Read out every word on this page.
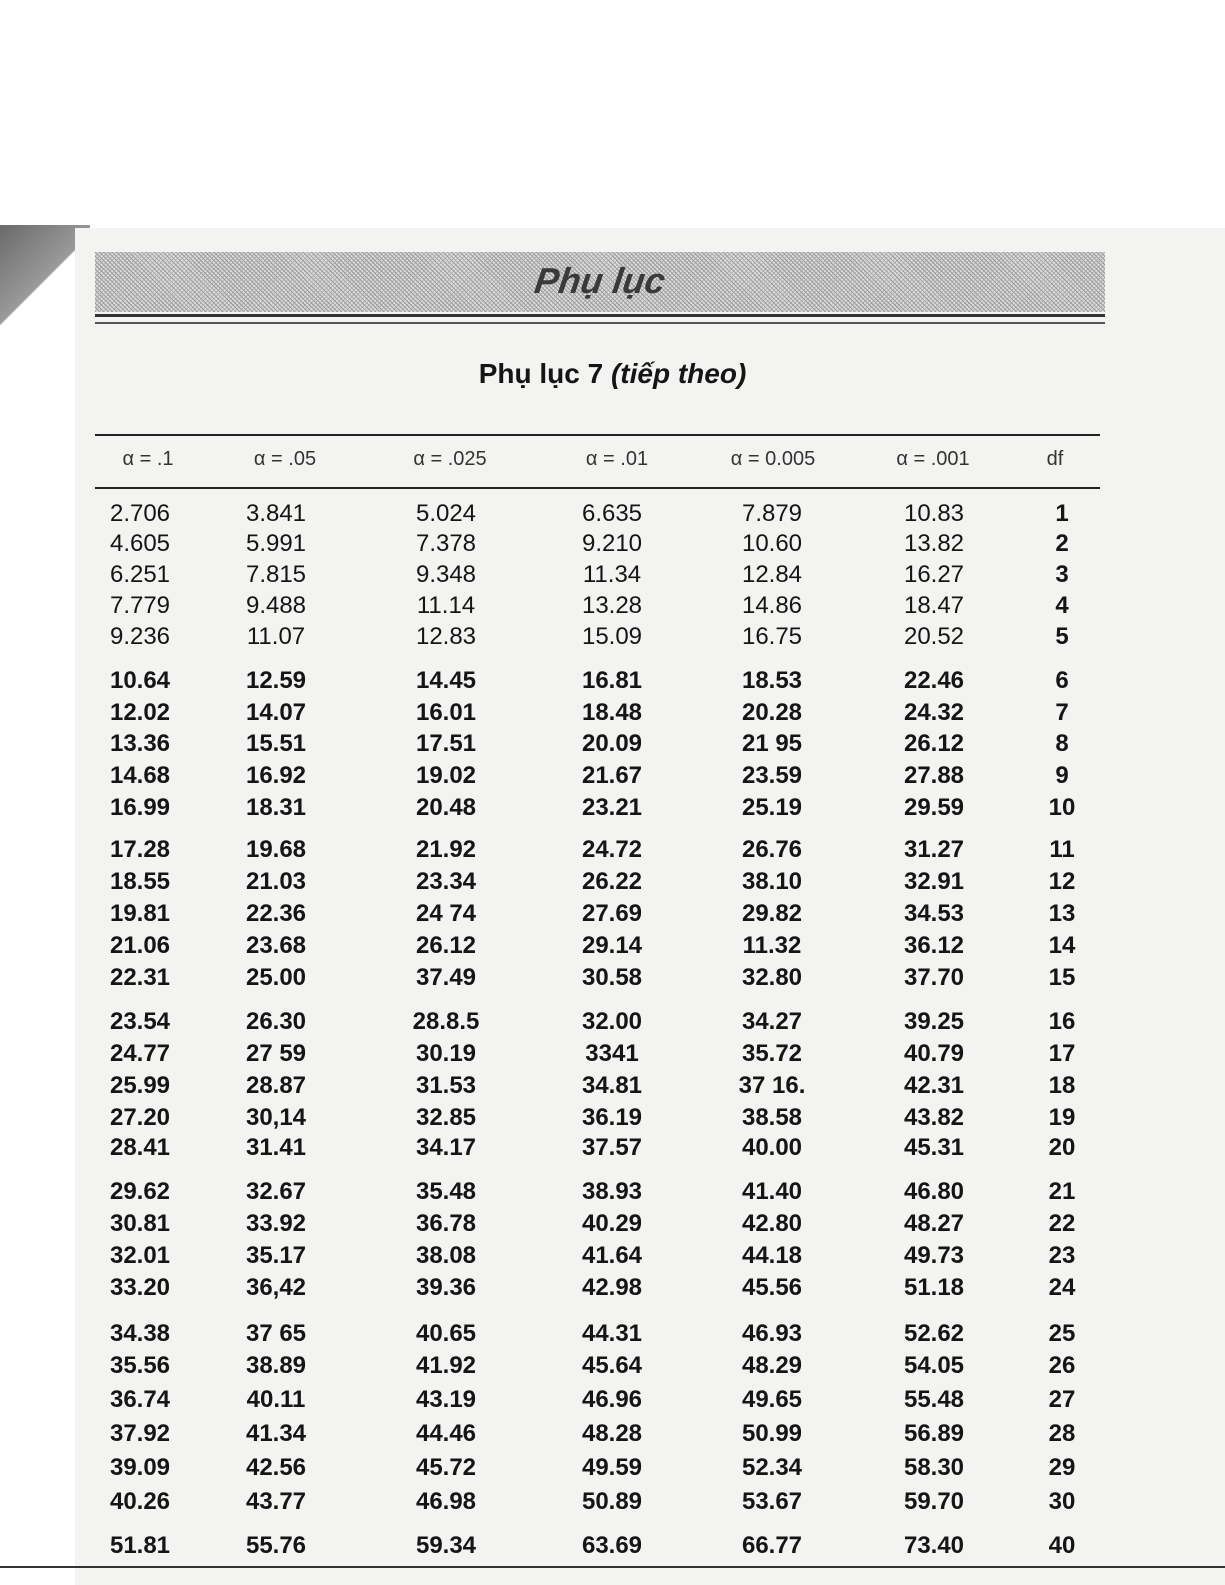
Phụ lục
Phụ lục 7 (tiếp theo)
α = .1	α = .05	α = .025	α = .01	α = 0.005	α = .001	df
2.706	3.841	5.024	6.635	7.879	10.83	1
4.605	5.991	7.378	9.210	10.60	13.82	2
6.251	7.815	9.348	11.34	12.84	16.27	3
7.779	9.488	11.14	13.28	14.86	18.47	4
9.236	11.07	12.83	15.09	16.75	20.52	5
10.64	12.59	14.45	16.81	18.53	22.46	6
12.02	14.07	16.01	18.48	20.28	24.32	7
13.36	15.51	17.51	20.09	21 95	26.12	8
14.68	16.92	19.02	21.67	23.59	27.88	9
16.99	18.31	20.48	23.21	25.19	29.59	10
17.28	19.68	21.92	24.72	26.76	31.27	11
18.55	21.03	23.34	26.22	38.10	32.91	12
19.81	22.36	24 74	27.69	29.82	34.53	13
21.06	23.68	26.12	29.14	11.32	36.12	14
22.31	25.00	37.49	30.58	32.80	37.70	15
23.54	26.30	28.8.5	32.00	34.27	39.25	16
24.77	27 59	30.19	3341	35.72	40.79	17
25.99	28.87	31.53	34.81	37 16.	42.31	18
27.20	30,14	32.85	36.19	38.58	43.82	19
28.41	31.41	34.17	37.57	40.00	45.31	20
29.62	32.67	35.48	38.93	41.40	46.80	21
30.81	33.92	36.78	40.29	42.80	48.27	22
32.01	35.17	38.08	41.64	44.18	49.73	23
33.20	36,42	39.36	42.98	45.56	51.18	24
34.38	37 65	40.65	44.31	46.93	52.62	25
35.56	38.89	41.92	45.64	48.29	54.05	26
36.74	40.11	43.19	46.96	49.65	55.48	27
37.92	41.34	44.46	48.28	50.99	56.89	28
39.09	42.56	45.72	49.59	52.34	58.30	29
40.26	43.77	46.98	50.89	53.67	59.70	30
51.81	55.76	59.34	63.69	66.77	73.40	40
